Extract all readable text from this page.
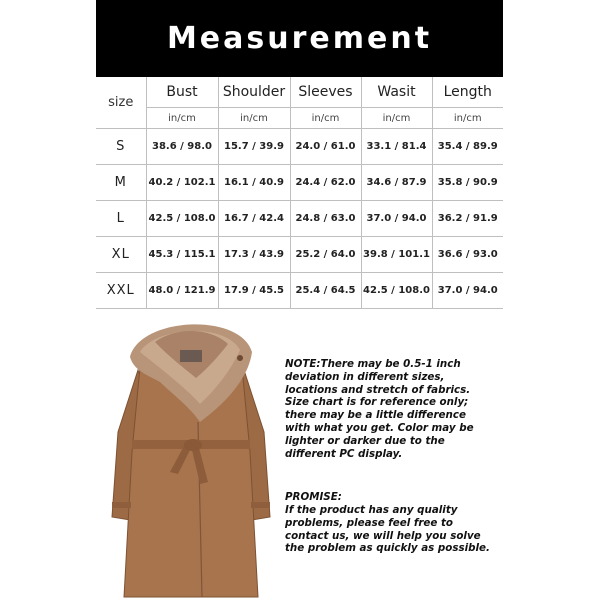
Measurement
size	Bust	Shoulder	Sleeves	Wasit	Length
	in/cm	in/cm	in/cm	in/cm	in/cm
S	38.6 / 98.0	15.7 / 39.9	24.0 / 61.0	33.1 / 81.4	35.4 / 89.9
M	40.2 / 102.1	16.1 / 40.9	24.4 / 62.0	34.6 / 87.9	35.8 / 90.9
L	42.5 / 108.0	16.7 / 42.4	24.8 / 63.0	37.0 / 94.0	36.2 / 91.9
XL	45.3 / 115.1	17.3 / 43.9	25.2 / 64.0	39.8 / 101.1	36.6 / 93.0
XXL	48.0 / 121.9	17.9 / 45.5	25.4 / 64.5	42.5 / 108.0	37.0 / 94.0
NOTE:There may be 0.5-1 inch deviation in different sizes, locations and stretch of fabrics. Size chart is for reference only; there may be a little difference with what you get. Color may be lighter or darker due to the different PC display.
PROMISE:
If the product has any quality problems, please feel free to contact us, we will help you solve the problem as quickly as possible.
